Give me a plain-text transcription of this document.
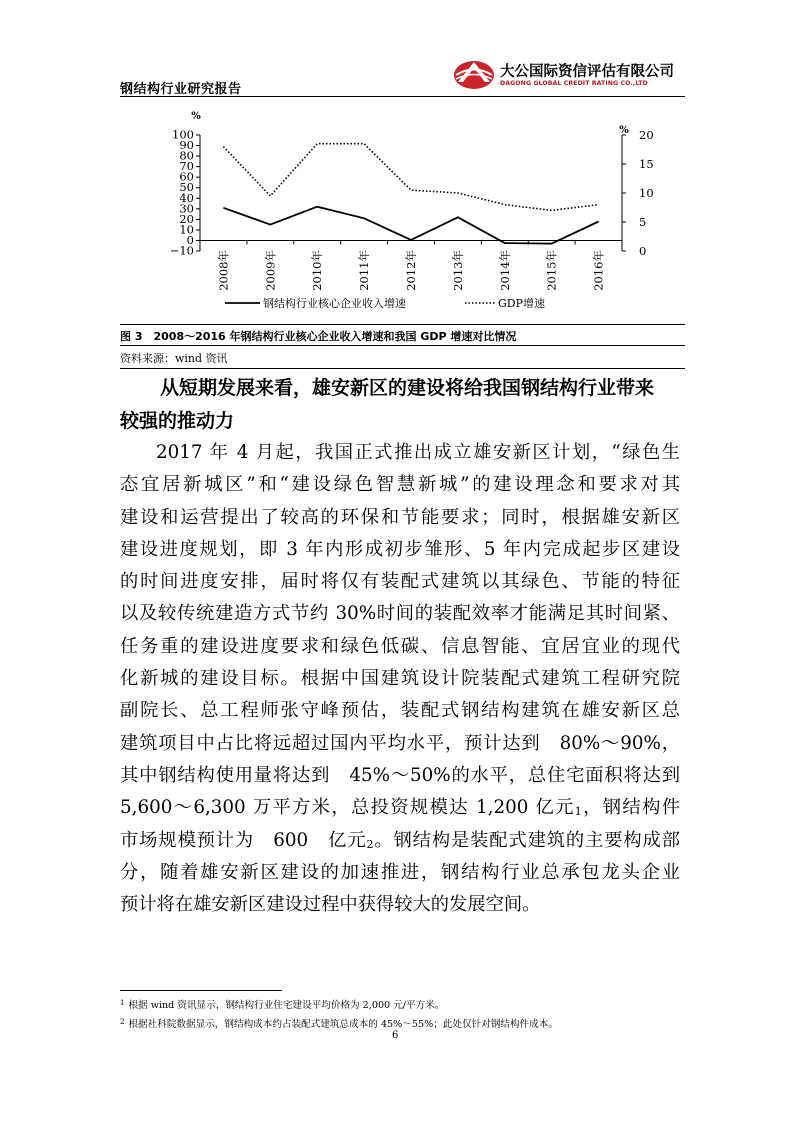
钢结构行业研究报告
大公国际资信评估有限公司
DAGONG GLOBAL CREDIT RATING CO.,LTD
100
90
80
70
60
50
40
30
20
10
0
−10
%
20
15
10
5
0
%
2008年	2009年	2010年	2011年	2012年	2013年	2014年	2015年	2016年
钢结构行业核心企业收入增速	GDP增速
图 3　2008～2016 年钢结构行业核心企业收入增速和我国 GDP 增速对比情况
资料来源：wind 资讯
从短期发展来看，雄安新区的建设将给我国钢结构行业带来
较强的推动力
2017 年 4 月起，我国正式推出成立雄安新区计划，“绿色生
态宜居新城区”和“建设绿色智慧新城”的建设理念和要求对其
建设和运营提出了较高的环保和节能要求；同时，根据雄安新区
建设进度规划，即 3 年内形成初步雏形、5 年内完成起步区建设
的时间进度安排，届时将仅有装配式建筑以其绿色、节能的特征
以及较传统建造方式节约 30%时间的装配效率才能满足其时间紧、
任务重的建设进度要求和绿色低碳、信息智能、宜居宜业的现代
化新城的建设目标。根据中国建筑设计院装配式建筑工程研究院
副院长、总工程师张守峰预估，装配式钢结构建筑在雄安新区总
建筑项目中占比将远超过国内平均水平，预计达到　80%～90%，
其中钢结构使用量将达到　45%～50%的水平，总住宅面积将达到
5,600～6,300 万平方米，总投资规模达 1,200 亿元$_1$，钢结构件
市场规模预计为　600　亿元$_2$。钢结构是装配式建筑的主要构成部
分，随着雄安新区建设的加速推进，钢结构行业总承包龙头企业
预计将在雄安新区建设过程中获得较大的发展空间。
$^1$ 根据 wind 资讯显示，钢结构行业住宅建设平均价格为 2,000 元/平方米。
$^2$ 根据社科院数据显示，钢结构成本约占装配式建筑总成本的 45%～55%；此处仅针对钢结构件成本。
6
